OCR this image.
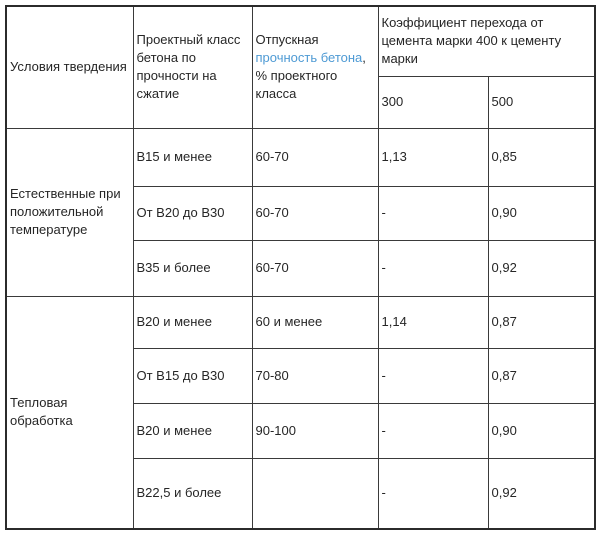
Условия твердения	Проектный класс бетона по прочности на сжатие	Отпускная прочность бетона, % проектного класса	Коэффициент перехода от цемента марки 400 к цементу марки	
			300	500
Естественные при положительной температуре	В15 и менее	60-70	1,13	0,85
	От В20 до В30	60-70	-	0,90
	В35 и более	60-70	-	0,92
Тепловая обработка	В20 и менее	60 и менее	1,14	0,87
	От В15 до В30	70-80	-	0,87
	В20 и менее	90-100	-	0,90
	В22,5 и более		-	0,92
